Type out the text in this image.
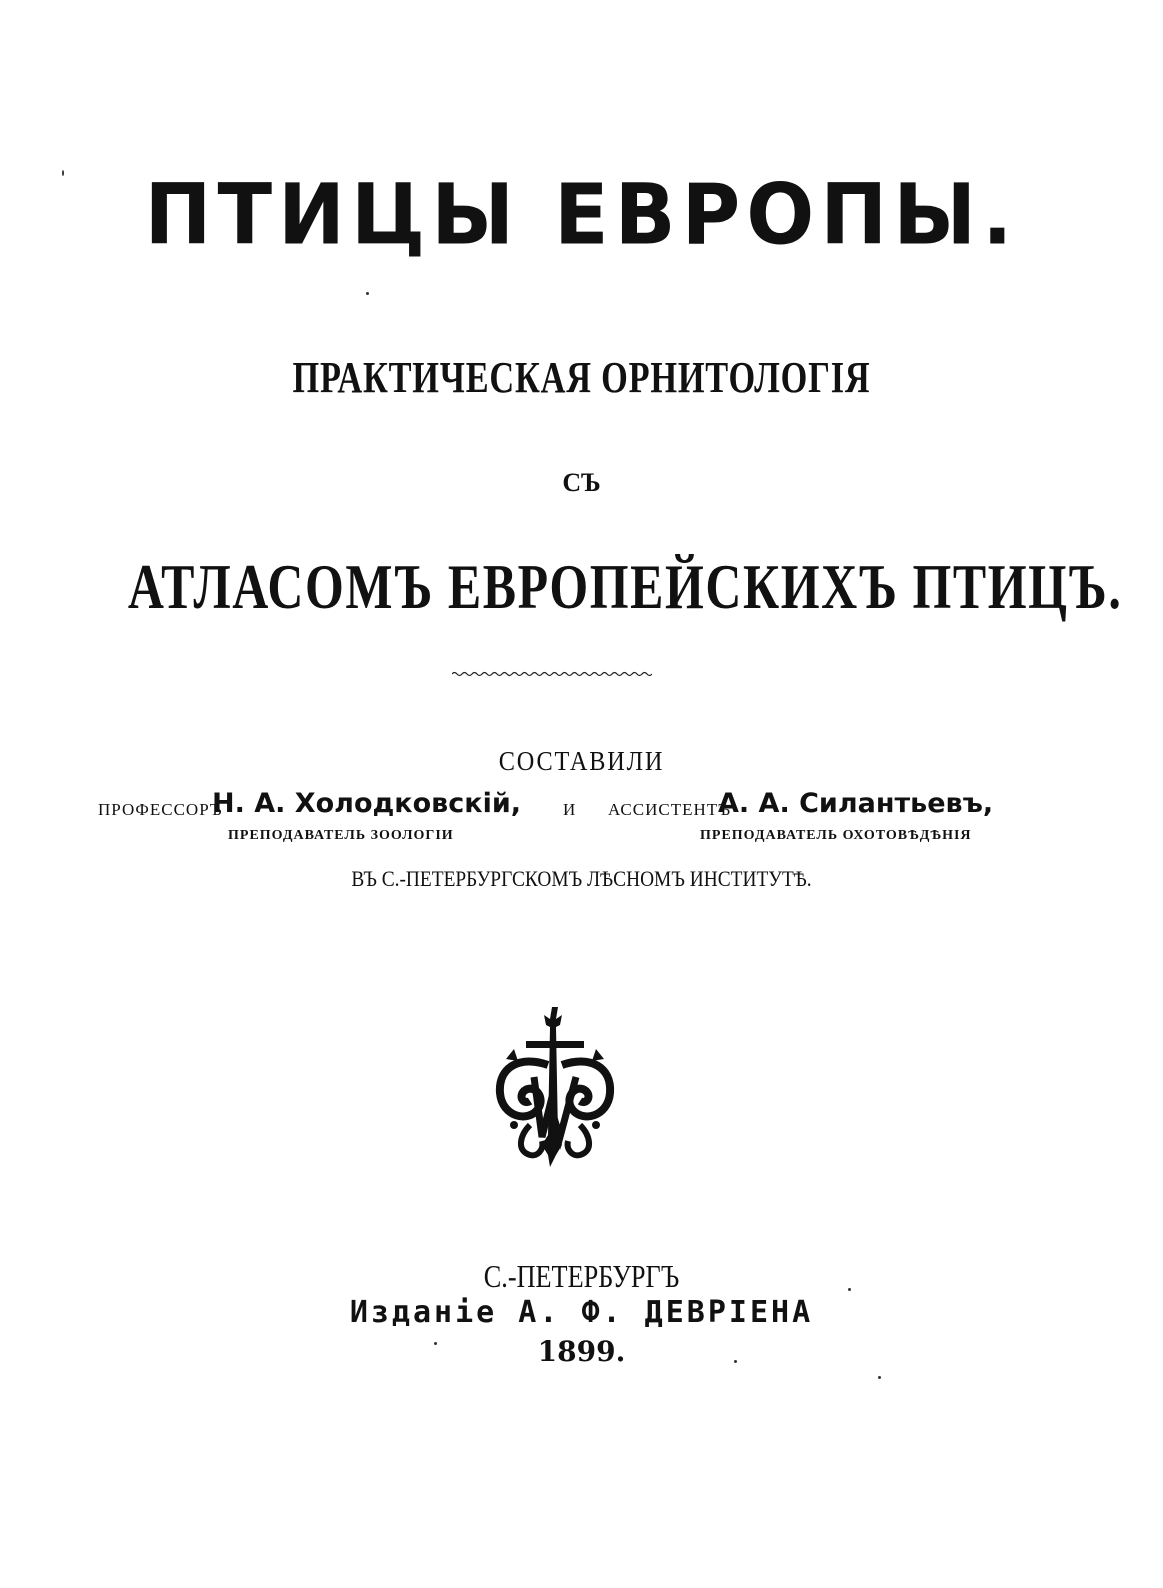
ПТИЦЫ ЕВРОПЫ.
ПРАКТИЧЕСКАЯ ОРНИТОЛОГІЯ
СЪ
АТЛАСОМЪ ЕВРОПЕЙСКИХЪ ПТИЦЪ.
СОСТАВИЛИ
ПРОФЕССОРЪ
Н. А. Холодковскій, И АССИСТЕНТЪ
А. А. Силантьевъ,
ПРЕПОДАВАТЕЛЬ ЗООЛОГІИ	ПРЕПОДАВАТЕЛЬ ОХОТОВѢДѢНІЯ
ВЪ С.-ПЕТЕРБУРГСКОМЪ ЛѢСНОМЪ ИНСТИТУТѢ.
С.-ПЕТЕРБУРГЪ
Изданіе А. Ф. ДЕВРІЕНА
1899.
